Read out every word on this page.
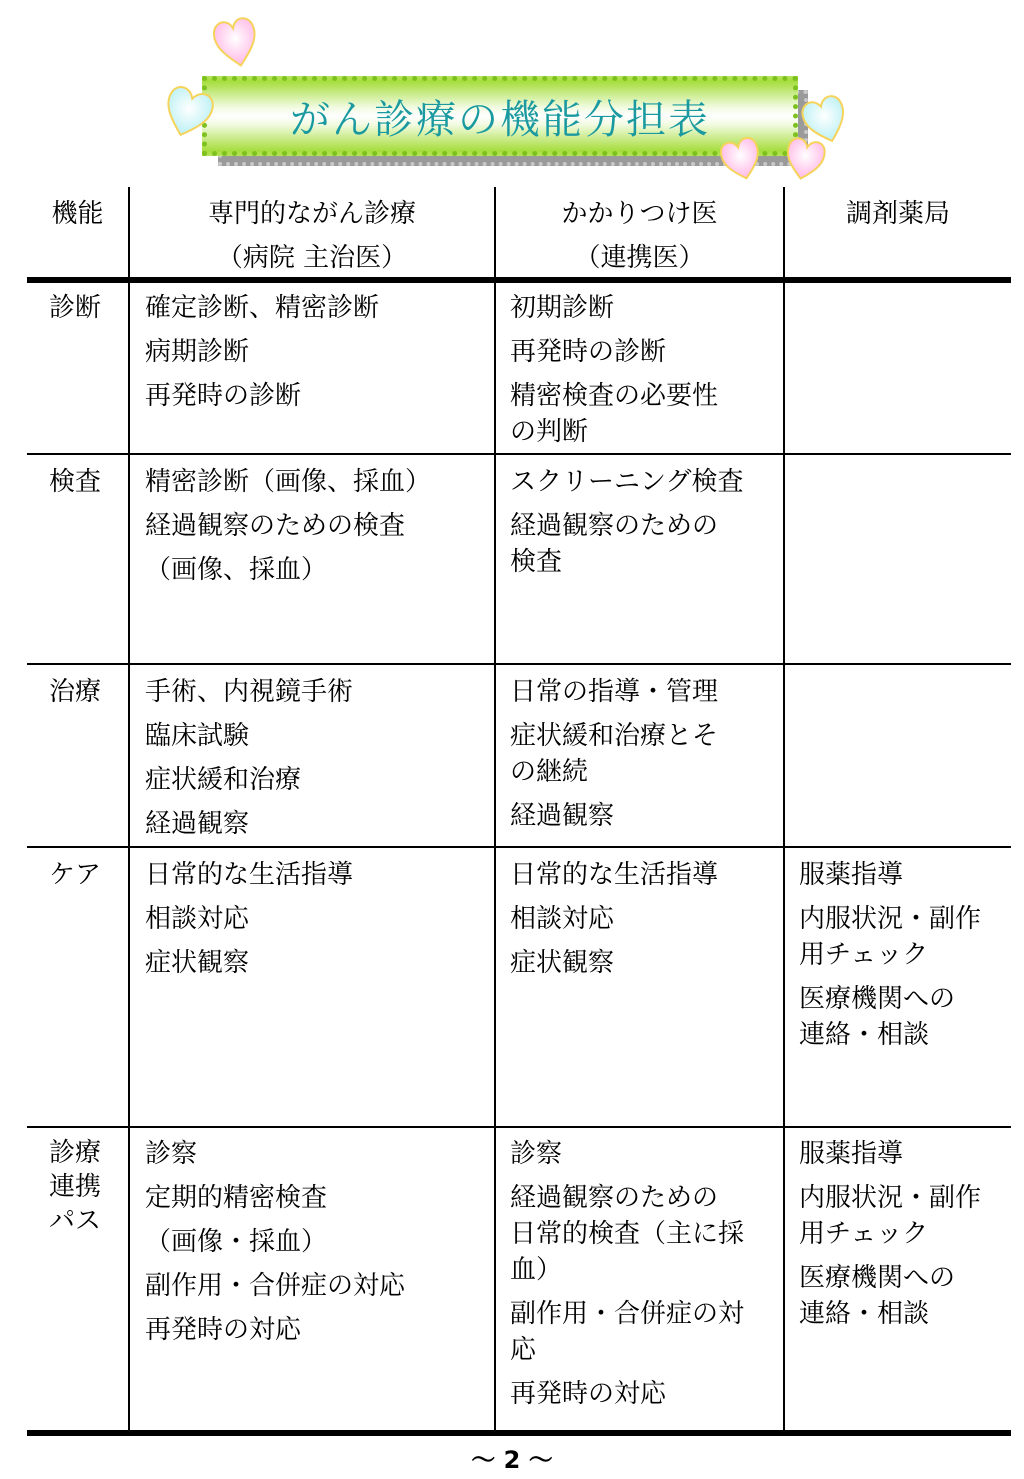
がん診療の機能分担表
機能	専門的ながん診療
（病院 主治医）
かかりつけ医
（連携医）
調剤薬局
診断 確定診断、精密診断
病期診断
再発時の診断
初期診断
再発時の診断
精密検査の必要性
の判断
検査 精密診断（画像、採血）
経過観察のための検査
（画像、採血）
スクリーニング検査
経過観察のための
検査
治療 手術、内視鏡手術
臨床試験
症状緩和治療
経過観察
日常の指導・管理
症状緩和治療とそ
の継続
経過観察
ケア 日常的な生活指導
相談対応
症状観察
日常的な生活指導
相談対応
症状観察
服薬指導
内服状況・副作
用チェック
医療機関への
連絡・相談
診療
連携
パス
診察
定期的精密検査
（画像・採血）
副作用・合併症の対応
再発時の対応
診察
経過観察のための
日常的検査（主に採
血）
副作用・合併症の対
応
再発時の対応
服薬指導
内服状況・副作
用チェック
医療機関への
連絡・相談
～ 2 ～
